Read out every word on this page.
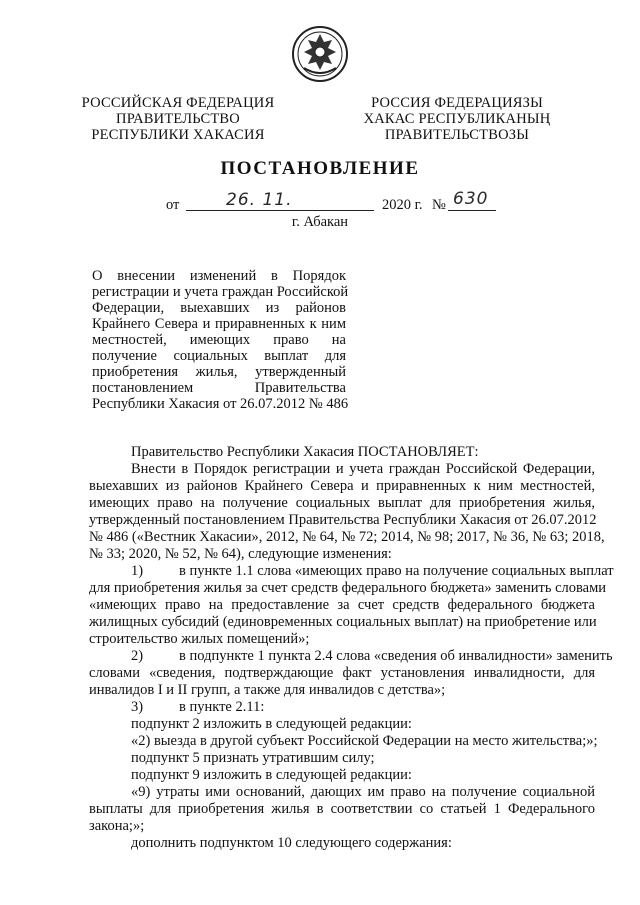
РОССИЙСКАЯ ФЕДЕРАЦИЯ
ПРАВИТЕЛЬСТВО
РЕСПУБЛИКИ ХАКАСИЯ
РОССИЯ ФЕДЕРАЦИЯЗЫ
ХАКАС РЕСПУБЛИКАНЫҢ
ПРАВИТЕЛЬСТВОЗЫ
ПОСТАНОВЛЕНИЕ
от	26. 11.	2020 г. № 630
г. Абакан
О внесении изменений в Порядок
регистрации и учета граждан Российской
Федерации, выехавших из районов
Крайнего Севера и приравненных к ним
местностей, имеющих право на
получение социальных выплат для
приобретения жилья, утвержденный
постановлением Правительства
Республики Хакасия от 26.07.2012 № 486
Правительство Республики Хакасия ПОСТАНОВЛЯЕТ:
Внести в Порядок регистрации и учета граждан Российской Федерации,
выехавших из районов Крайнего Севера и приравненных к ним местностей,
имеющих право на получение социальных выплат для приобретения жилья,
утвержденный постановлением Правительства Республики Хакасия от 26.07.2012
№ 486 («Вестник Хакасии», 2012, № 64, № 72; 2014, № 98; 2017, № 36, № 63; 2018,
№ 33; 2020, № 52, № 64), следующие изменения:
1) в пункте 1.1 слова «имеющих право на получение социальных выплат
для приобретения жилья за счет средств федерального бюджета» заменить словами
«имеющих право на предоставление за счет средств федерального бюджета
жилищных субсидий (единовременных социальных выплат) на приобретение или
строительство жилых помещений»;
2) в подпункте 1 пункта 2.4 слова «сведения об инвалидности» заменить
словами «сведения, подтверждающие факт установления инвалидности, для
инвалидов I и II групп, а также для инвалидов с детства»;
3) в пункте 2.11:
подпункт 2 изложить в следующей редакции:
«2) выезда в другой субъект Российской Федерации на место жительства;»;
подпункт 5 признать утратившим силу;
подпункт 9 изложить в следующей редакции:
«9) утраты ими оснований, дающих им право на получение социальной
выплаты для приобретения жилья в соответствии со статьей 1 Федерального
закона;»;
дополнить подпунктом 10 следующего содержания:
